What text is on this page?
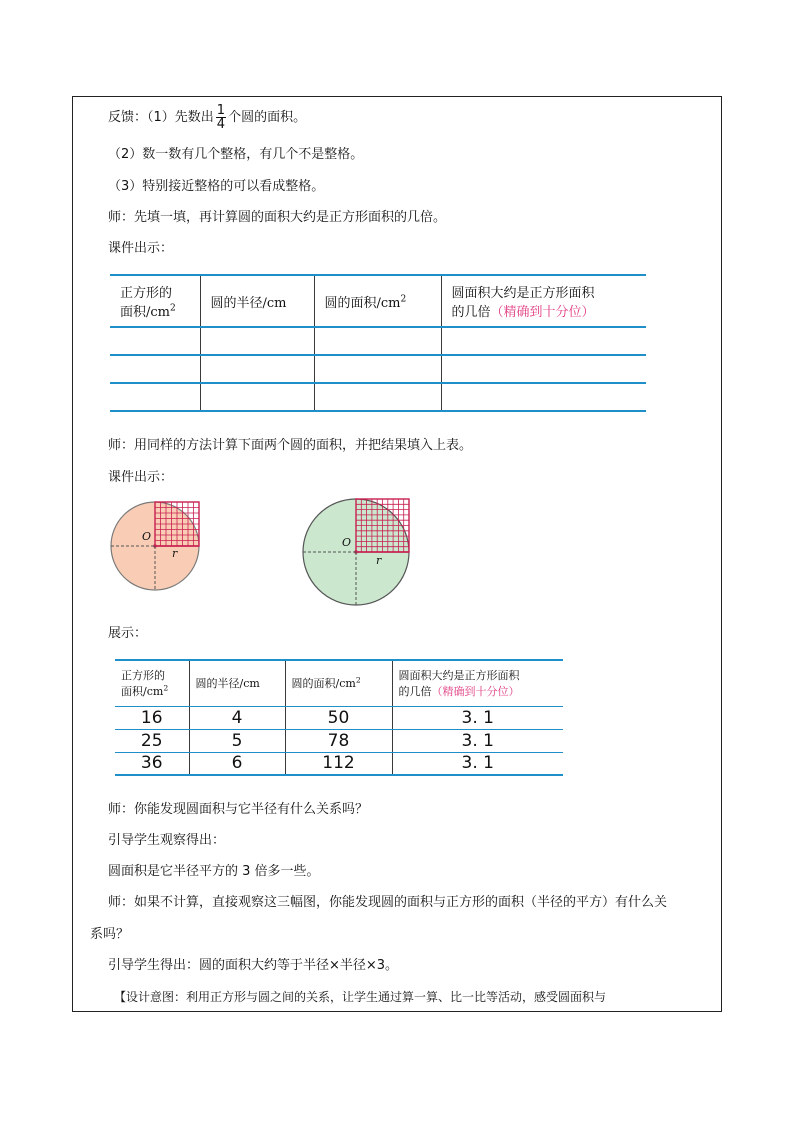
反馈：（1）先数出 $\frac{1}{4}$ 个圆的面积。
（2）数一数有几个整格，有几个不是整格。
（3）特别接近整格的可以看成整格。
师：先填一填，再计算圆的面积大约是正方形面积的几倍。
课件出示：
正方形的
面积$/cm^2$	圆的半径/cm	圆的面积$/cm^2$	圆面积大约是正方形面积
的几倍（精确到十分位）

师：用同样的方法计算下面两个圆的面积，并把结果填入上表。
课件出示：
O
r
O
r
展示：
正方形的
面积$/cm^2$	圆的半径/cm	圆的面积$/cm^2$	圆面积大约是正方形面积
的几倍（精确到十分位）
16	4	50	3. 1
25	5	78	3. 1
36	6	112	3. 1
师：你能发现圆面积与它半径有什么关系吗？
引导学生观察得出：
圆面积是它半径平方的 3 倍多一些。
师：如果不计算，直接观察这三幅图，你能发现圆的面积与正方形的面积（半径的平方）有什么关
系吗？
引导学生得出：圆的面积大约等于半径×半径×3。
【设计意图：利用正方形与圆之间的关系，让学生通过算一算、比一比等活动，感受圆面积与
